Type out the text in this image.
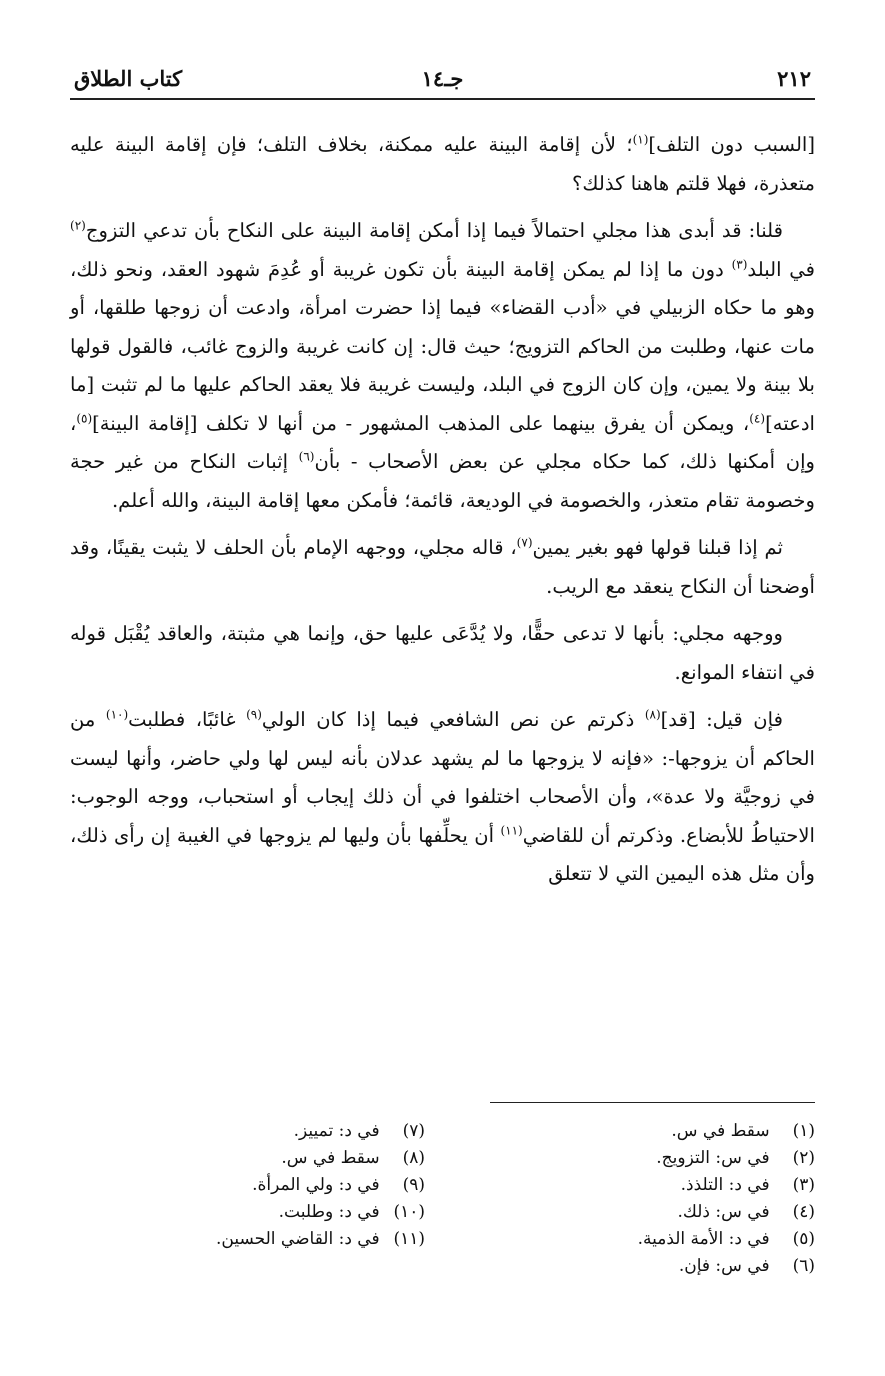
٢١٢
جـ١٤
كتاب الطلاق

[السبب دون التلف]$^{(١)}$؛ لأن إقامة البينة عليه ممكنة، بخلاف التلف؛ فإن إقامة البينة عليه متعذرة، فهلا قلتم هاهنا كذلك؟

قلنا: قد أبدى هذا مجلي احتمالاً فيما إذا أمكن إقامة البينة على النكاح بأن تدعي التزوج$^{(٢)}$ في البلد$^{(٣)}$ دون ما إذا لم يمكن إقامة البينة بأن تكون غريبة أو عُدِمَ شهود العقد، ونحو ذلك، وهو ما حكاه الزبيلي في «أدب القضاء» فيما إذا حضرت امرأة، وادعت أن زوجها طلقها، أو مات عنها، وطلبت من الحاكم التزويج؛ حيث قال: إن كانت غريبة والزوج غائب، فالقول قولها بلا بينة ولا يمين، وإن كان الزوج في البلد، وليست غريبة فلا يعقد الحاكم عليها ما لم تثبت [ما ادعته]$^{(٤)}$، ويمكن أن يفرق بينهما على المذهب المشهور - من أنها لا تكلف [إقامة البينة]$^{(٥)}$، وإن أمكنها ذلك، كما حكاه مجلي عن بعض الأصحاب - بأن$^{(٦)}$ إثبات النكاح من غير حجة وخصومة تقام متعذر، والخصومة في الوديعة، قائمة؛ فأمكن معها إقامة البينة، والله أعلم.

ثم إذا قبلنا قولها فهو بغير يمين$^{(٧)}$، قاله مجلي، ووجهه الإمام بأن الحلف لا يثبت يقينًا، وقد أوضحنا أن النكاح ينعقد مع الريب.

ووجهه مجلي: بأنها لا تدعى حقًّا، ولا يُدَّعَى عليها حق، وإنما هي مثبتة، والعاقد يُقْبَل قوله في انتفاء الموانع.

فإن قيل: [قد]$^{(٨)}$ ذكرتم عن نص الشافعي فيما إذا كان الولي$^{(٩)}$ غائبًا، فطلبت$^{(١٠)}$ من الحاكم أن يزوجها-: «فإنه لا يزوجها ما لم يشهد عدلان بأنه ليس لها ولي حاضر، وأنها ليست في زوجيَّة ولا عدة»، وأن الأصحاب اختلفوا في أن ذلك إيجاب أو استحباب، ووجه الوجوب: الاحتياطُ للأبضاع. وذكرتم أن للقاضي$^{(١١)}$ أن يحلِّفها بأن وليها لم يزوجها في الغيبة إن رأى ذلك، وأن مثل هذه اليمين التي لا تتعلق

(١) سقط في س.
(٢) في س: التزويج.
(٣) في د: التلذذ.
(٤) في س: ذلك.
(٥) في د: الأمة الذمية.
(٦) في س: فإن.
(٧) في د: تمييز.
(٨) سقط في س.
(٩) في د: ولي المرأة.
(١٠) في د: وطلبت.
(١١) في د: القاضي الحسين.
